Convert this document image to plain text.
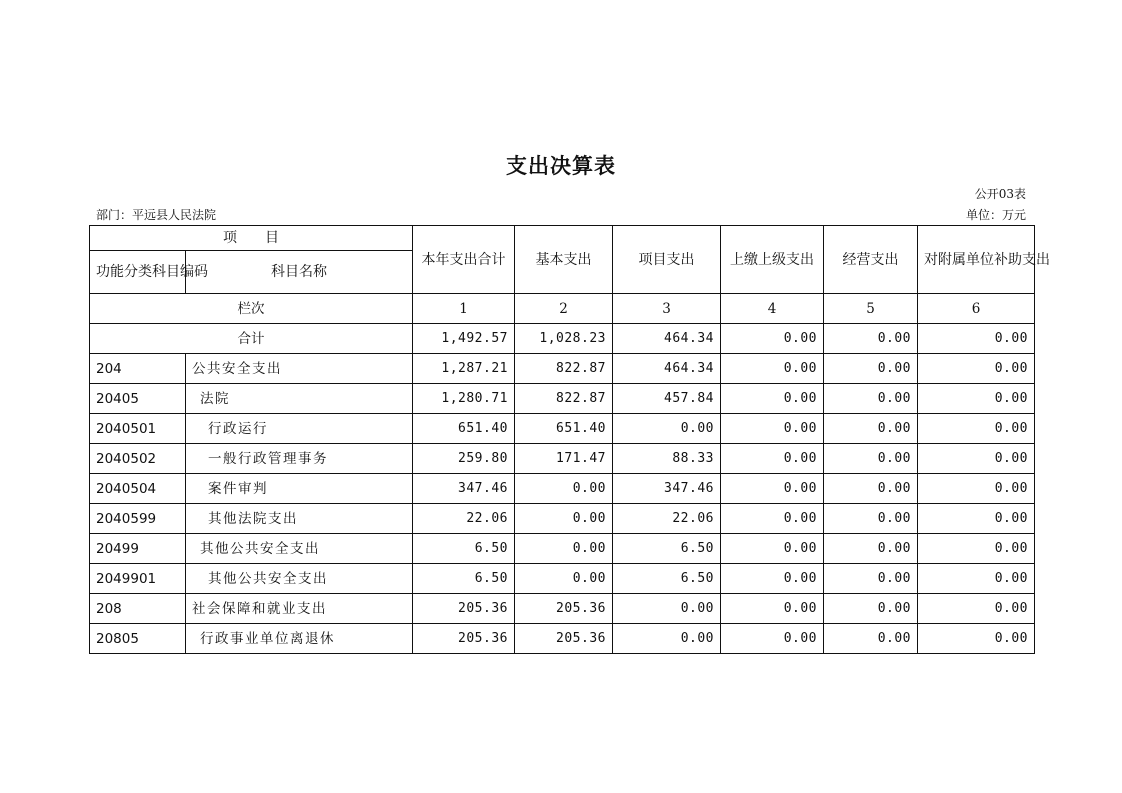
支出决算表
公开03表
部门：平远县人民法院	单位：万元
项　　目		本年支出合计	基本支出	项目支出	上缴上级支出	经营支出	对附属单位补助支出
功能分类科目编码	科目名称						
栏次		1	2	3	4	5	6
合计		1,492.57	1,028.23	464.34	0.00	0.00	0.00
204	公共安全支出	1,287.21	822.87	464.34	0.00	0.00	0.00
20405	法院	1,280.71	822.87	457.84	0.00	0.00	0.00
2040501	行政运行	651.40	651.40	0.00	0.00	0.00	0.00
2040502	一般行政管理事务	259.80	171.47	88.33	0.00	0.00	0.00
2040504	案件审判	347.46	0.00	347.46	0.00	0.00	0.00
2040599	其他法院支出	22.06	0.00	22.06	0.00	0.00	0.00
20499	其他公共安全支出	6.50	0.00	6.50	0.00	0.00	0.00
2049901	其他公共安全支出	6.50	0.00	6.50	0.00	0.00	0.00
208	社会保障和就业支出	205.36	205.36	0.00	0.00	0.00	0.00
20805	行政事业单位离退休	205.36	205.36	0.00	0.00	0.00	0.00
